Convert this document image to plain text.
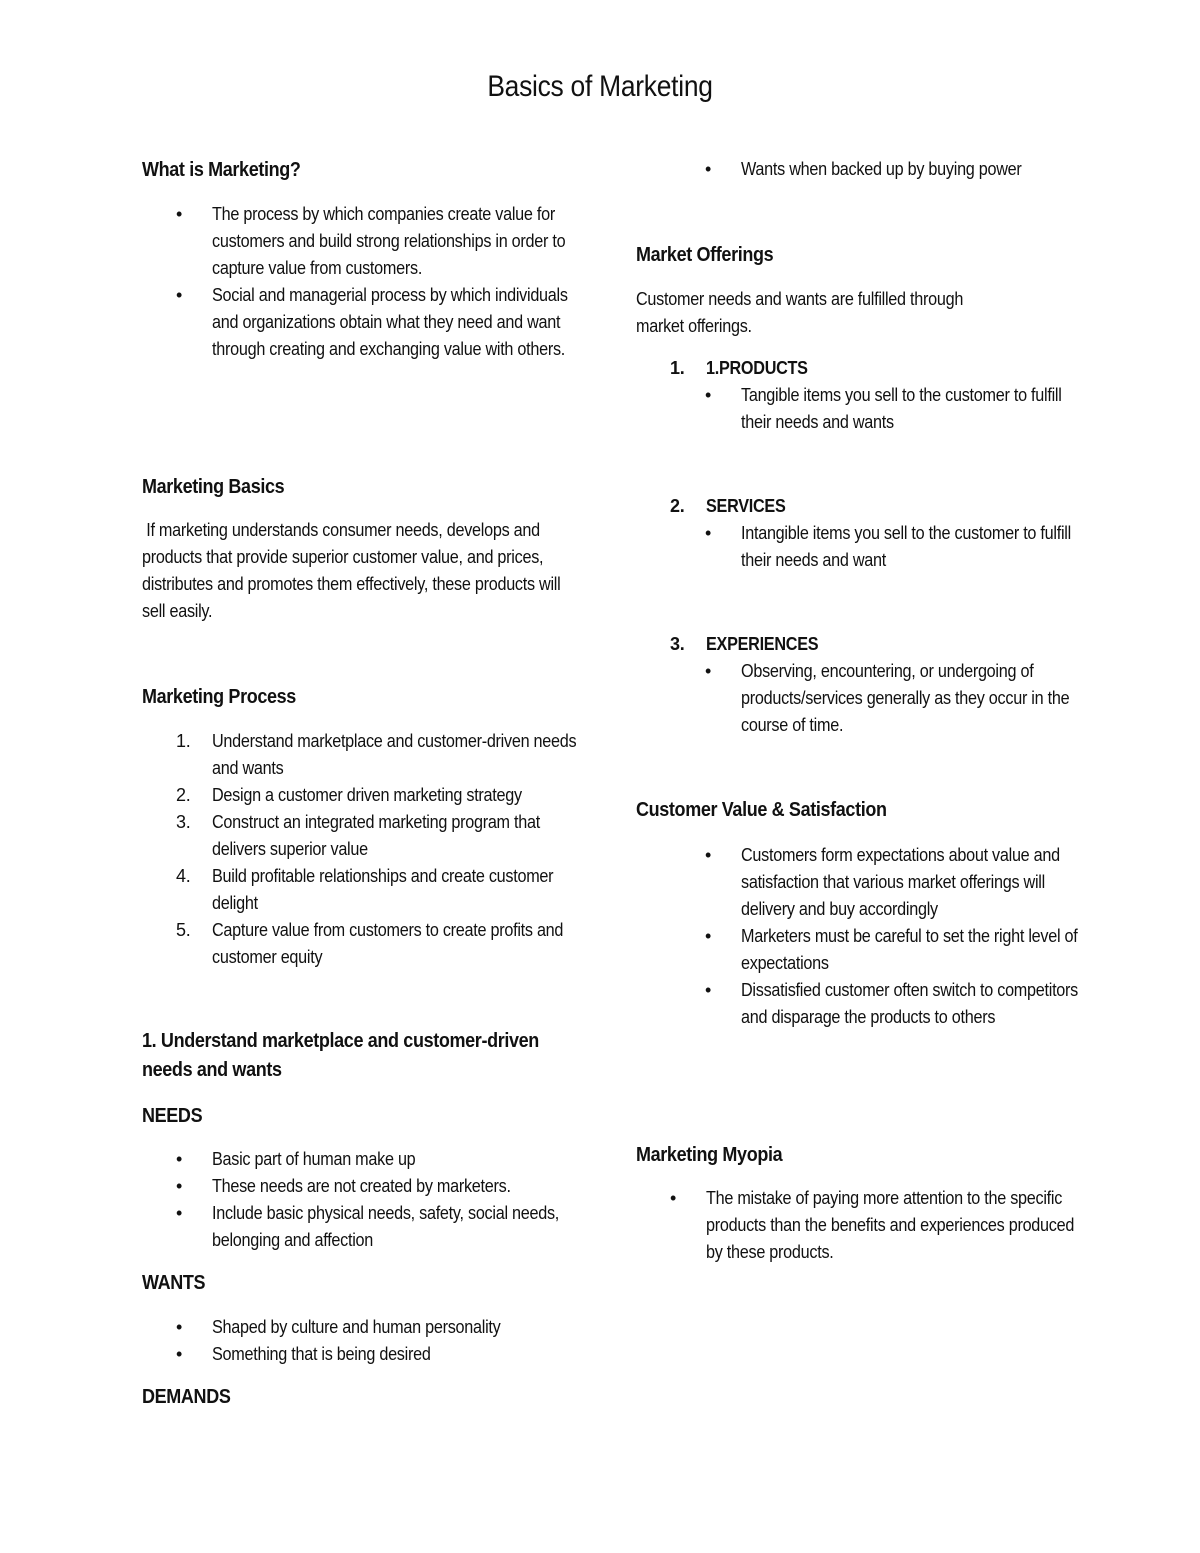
Basics of Marketing
What is Marketing?
• The process by which companies create value for customers and build strong relationships in order to capture value from customers.
• Social and managerial process by which individuals and organizations obtain what they need and want through creating and exchanging value with others.
Marketing Basics

If marketing understands consumer needs, develops and products that provide superior customer value, and prices, distributes and promotes them effectively, these products will sell easily.

Marketing Process
1. Understand marketplace and customer-driven needs and wants
2. Design a customer driven marketing strategy
3. Construct an integrated marketing program that delivers superior value
4. Build profitable relationships and create customer delight
5. Capture value from customers to create profits and customer equity
1. Understand marketplace and customer-driven needs and wants
NEEDS
• Basic part of human make up
• These needs are not created by marketers.
• Include basic physical needs, safety, social needs, belonging and affection
WANTS
• Shaped by culture and human personality
• Something that is being desired
DEMANDS
• Wants when backed up by buying power
Market Offerings

Customer needs and wants are fulfilled through market offerings.

1. 1.PRODUCTS
• Tangible items you sell to the customer to fulfill their needs and wants
2. SERVICES
• Intangible items you sell to the customer to fulfill their needs and want
3. EXPERIENCES
• Observing, encountering, or undergoing of products/services generally as they occur in the course of time.
Customer Value & Satisfaction
• Customers form expectations about value and satisfaction that various market offerings will delivery and buy accordingly
• Marketers must be careful to set the right level of expectations
• Dissatisfied customer often switch to competitors and disparage the products to others
Marketing Myopia
• The mistake of paying more attention to the specific products than the benefits and experiences produced by these products.
